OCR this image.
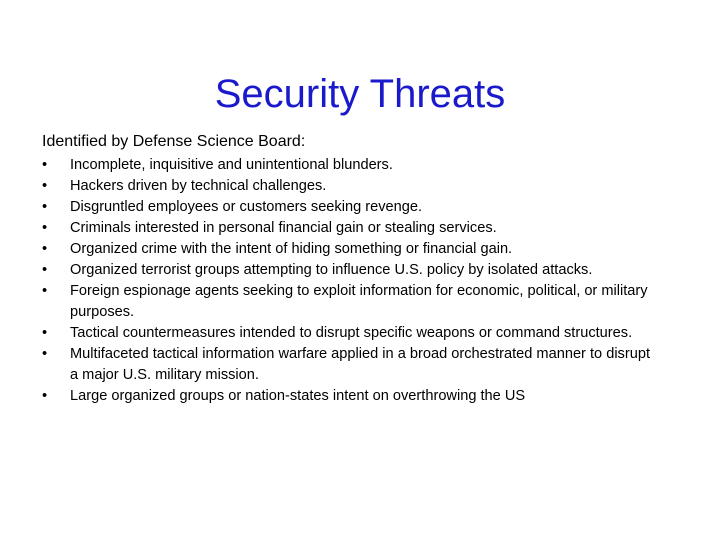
Security Threats
Identified by Defense Science Board:
•	Incomplete, inquisitive and unintentional blunders.
•	Hackers driven by technical challenges.
•	Disgruntled employees or customers seeking revenge.
•	Criminals interested in personal financial gain or stealing services.
•	Organized crime with the intent of hiding something or financial gain.
•	Organized terrorist groups attempting to influence U.S. policy by isolated attacks.
•	Foreign espionage agents seeking to exploit information for economic, political, or military purposes.
•	Tactical countermeasures intended to disrupt specific weapons or command structures.
•	Multifaceted tactical information warfare applied in a broad orchestrated manner to disrupt a major U.S. military mission.
•	Large organized groups or nation-states intent on overthrowing the US
